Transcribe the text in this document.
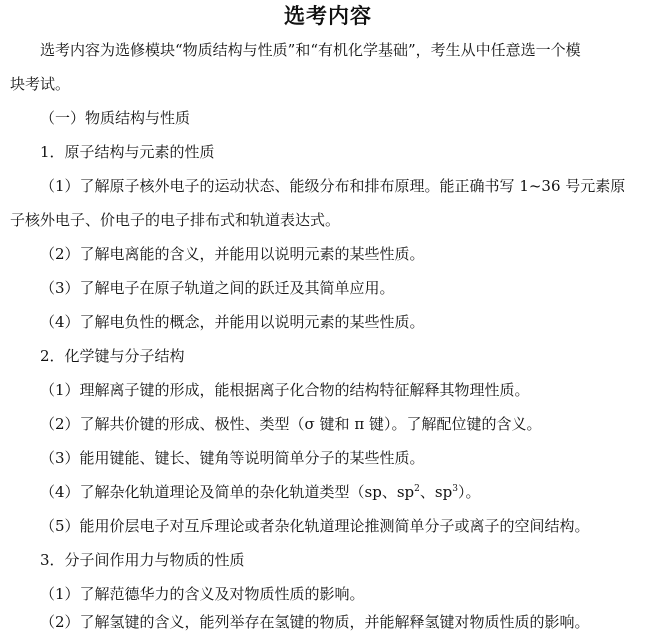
选考内容
选考内容为选修模块“物质结构与性质”和“有机化学基础”，考生从中任意选一个模
块考试。
（一）物质结构与性质
1．原子结构与元素的性质
（1）了解原子核外电子的运动状态、能级分布和排布原理。能正确书写 1~36 号元素原
子核外电子、价电子的电子排布式和轨道表达式。
（2）了解电离能的含义，并能用以说明元素的某些性质。
（3）了解电子在原子轨道之间的跃迁及其简单应用。
（4）了解电负性的概念，并能用以说明元素的某些性质。
2．化学键与分子结构
（1）理解离子键的形成，能根据离子化合物的结构特征解释其物理性质。
（2）了解共价键的形成、极性、类型（σ 键和 π 键）。了解配位键的含义。
（3）能用键能、键长、键角等说明简单分子的某些性质。
（4）了解杂化轨道理论及简单的杂化轨道类型（sp、$sp^2$、$sp^3$）。
（5）能用价层电子对互斥理论或者杂化轨道理论推测简单分子或离子的空间结构。
3．分子间作用力与物质的性质
（1）了解范德华力的含义及对物质性质的影响。
（2）了解氢键的含义，能列举存在氢键的物质，并能解释氢键对物质性质的影响。
